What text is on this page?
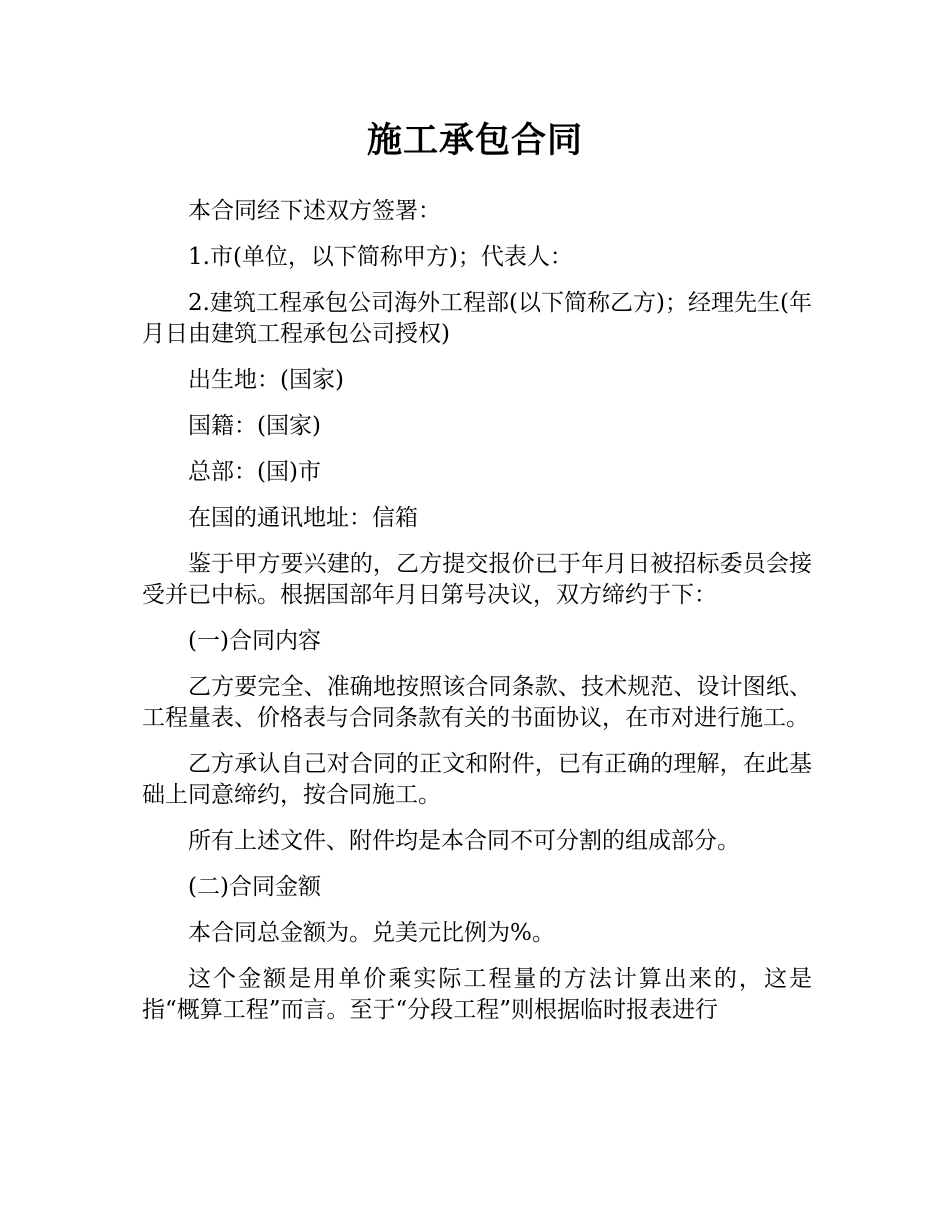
施工承包合同

本合同经下述双方签署：

1.市(单位，以下简称甲方)；代表人：

2.建筑工程承包公司海外工程部(以下简称乙方)；经理先生(年月日由建筑工程承包公司授权)

出生地：(国家)

国籍：(国家)

总部：(国)市

在国的通讯地址：信箱

鉴于甲方要兴建的，乙方提交报价已于年月日被招标委员会接受并已中标。根据国部年月日第号决议，双方缔约于下：

(一)合同内容

乙方要完全、准确地按照该合同条款、技术规范、设计图纸、工程量表、价格表与合同条款有关的书面协议，在市对进行施工。

乙方承认自己对合同的正文和附件，已有正确的理解，在此基础上同意缔约，按合同施工。

所有上述文件、附件均是本合同不可分割的组成部分。

(二)合同金额

本合同总金额为。兑美元比例为%。

这个金额是用单价乘实际工程量的方法计算出来的，这是指“概算工程”而言。至于“分段工程”则根据临时报表进行
